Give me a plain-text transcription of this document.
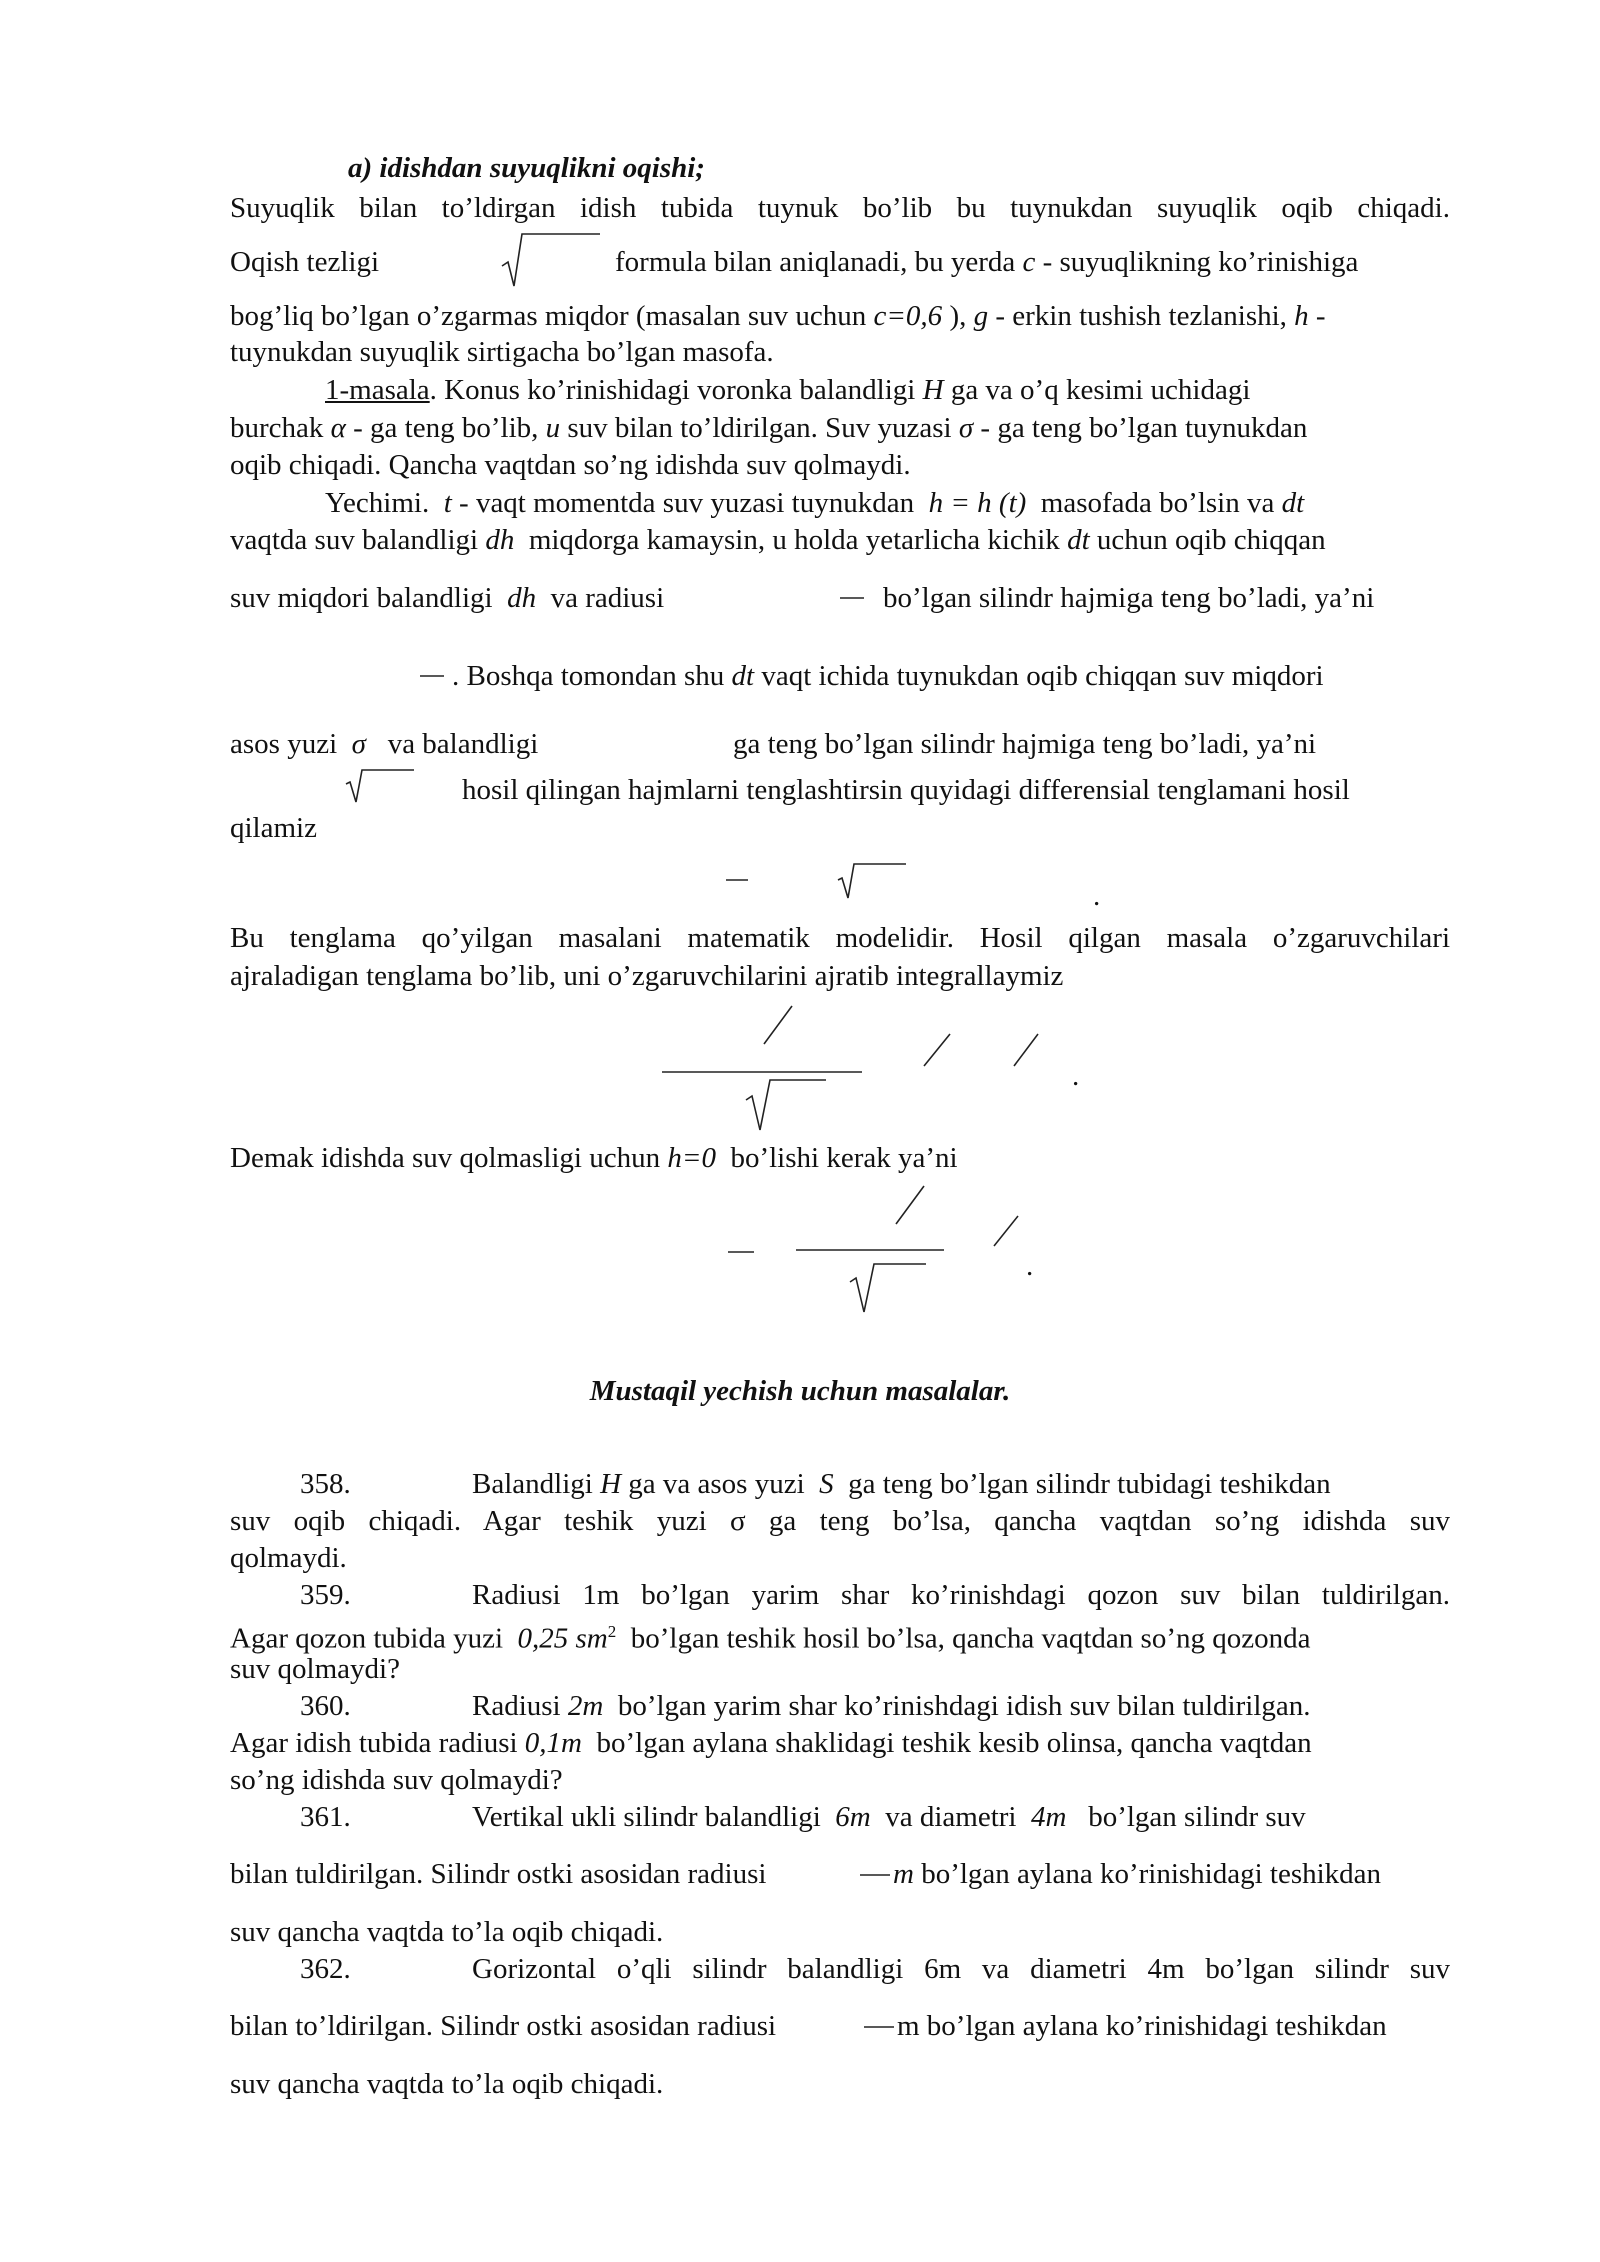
a) idishdan suyuqlikni oqishi;
Suyuqlik bilan to’ldirgan idish tubida tuynuk bo’lib bu tuynukdan suyuqlik oqib chiqadi.
Oqish tezligi	formula bilan aniqlanadi, bu yerda c - suyuqlikning ko’rinishiga
bog’liq bo’lgan o’zgarmas miqdor (masalan suv uchun c=0,6 ), g - erkin tushish tezlanishi, h -
tuynukdan suyuqlik sirtigacha bo’lgan masofa.
1-masala. Konus ko’rinishidagi voronka balandligi H ga va o’q kesimi uchidagi
burchak α - ga teng bo’lib, u suv bilan to’ldirilgan. Suv yuzasi σ - ga teng bo’lgan tuynukdan
oqib chiqadi. Qancha vaqtdan so’ng idishda suv qolmaydi.
Yechimi. t - vaqt momentda suv yuzasi tuynukdan h = h (t) masofada bo’lsin va dt
vaqtda suv balandligi dh miqdorga kamaysin, u holda yetarlicha kichik dt uchun oqib chiqqan
suv miqdori balandligi dh va radiusi	bo’lgan silindr hajmiga teng bo’ladi, ya’ni
. Boshqa tomondan shu dt vaqt ichida tuynukdan oqib chiqqan suv miqdori
asos yuzi σ va balandligi	ga teng bo’lgan silindr hajmiga teng bo’ladi, ya’ni
hosil qilingan hajmlarni tenglashtirsin quyidagi differensial tenglamani hosil
qilamiz
.
Bu tenglama qo’yilgan masalani matematik modelidir. Hosil qilgan masala o’zgaruvchilari
ajraladigan tenglama bo’lib, uni o’zgaruvchilarini ajratib integrallaymiz
.
Demak idishda suv qolmasligi uchun h=0 bo’lishi kerak ya’ni
.
Mustaqil yechish uchun masalalar.
358.	Balandligi H ga va asos yuzi S ga teng bo’lgan silindr tubidagi teshikdan
suv oqib chiqadi. Agar teshik yuzi σ ga teng bo’lsa, qancha vaqtdan so’ng idishda suv
qolmaydi.
359.	Radiusi 1m bo’lgan yarim shar ko’rinishdagi qozon suv bilan tuldirilgan.
Agar qozon tubida yuzi 0,25 $sm^2$ bo’lgan teshik hosil bo’lsa, qancha vaqtdan so’ng qozonda
suv qolmaydi?
360.	Radiusi 2m bo’lgan yarim shar ko’rinishdagi idish suv bilan tuldirilgan.
Agar idish tubida radiusi 0,1m bo’lgan aylana shaklidagi teshik kesib olinsa, qancha vaqtdan
so’ng idishda suv qolmaydi?
361.	Vertikal ukli silindr balandligi 6m va diametri 4m bo’lgan silindr suv
bilan tuldirilgan. Silindr ostki asosidan radiusi	m bo’lgan aylana ko’rinishidagi teshikdan
suv qancha vaqtda to’la oqib chiqadi.
362.	Gorizontal o’qli silindr balandligi 6m va diametri 4m bo’lgan silindr suv
bilan to’ldirilgan. Silindr ostki asosidan radiusi	m bo’lgan aylana ko’rinishidagi teshikdan
suv qancha vaqtda to’la oqib chiqadi.
